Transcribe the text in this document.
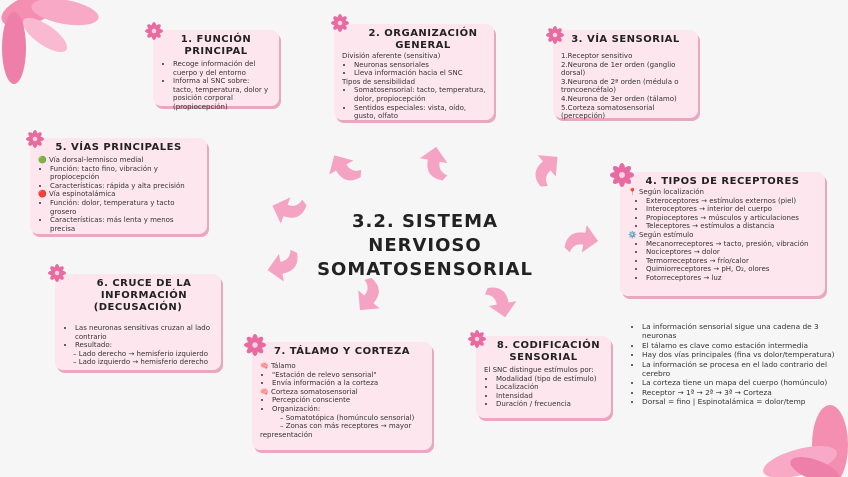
3.2. SISTEMA NERVIOSO
SOMATOSENSORIAL
1. FUNCIÓN PRINCIPAL
• Recoge información del cuerpo y del entorno
• Informa al SNC sobre: tacto, temperatura, dolor y posición corporal (propiocepción)
2. ORGANIZACIÓN GENERAL

División aferente (sensitiva)

• Neuronas sensoriales
• Lleva información hacia el SNC

Tipos de sensibilidad

• Somatosensorial: tacto, temperatura, dolor, propiocepción
• Sentidos especiales: vista, oído, gusto, olfato
3. VÍA SENSORIAL

1.Receptor sensitivo

2.Neurona de 1er orden (ganglio dorsal)

3.Neurona de 2ª orden (médula o troncoencéfalo)

4.Neurona de 3er orden (tálamo)

5.Corteza somatosensorial (percepción)

4. TIPOS DE RECEPTORES

📍 Según localización

• Exteroceptores → estímulos externos (piel)
• Interoceptores → interior del cuerpo
• Propioceptores → músculos y articulaciones
• Teleceptores → estímulos a distancia

⚙️ Según estímulo

• Mecanorreceptores → tacto, presión, vibración
• Nociceptores → dolor
• Termorreceptores → frío/calor
• Quimiorreceptores → pH, O₂, olores
• Fotorreceptores → luz
5. VÍAS PRINCIPALES

🟢 Vía dorsal-lemnisco medial

• Función: tacto fino, vibración y propiocepción
• Características: rápida y alta precisión

🔴 Vía espinotalámica

• Función: dolor, temperatura y tacto grosero
• Características: más lenta y menos precisa
6. CRUCE DE LA INFORMACIÓN
(DECUSACIÓN)
• Las neuronas sensitivas cruzan al lado contrario
• Resultado:

– Lado derecho → hemisferio izquierdo

– Lado izquierdo → hemisferio derecho

7. TÁLAMO Y CORTEZA

🧠 Tálamo

• "Estación de relevo sensorial"
• Envía información a la corteza

🧠 Corteza somatosensorial

• Percepción consciente
• Organización:

– Somatotópica (homúnculo sensorial)

– Zonas con más receptores → mayor

representación

8. CODIFICACIÓN
SENSORIAL

El SNC distingue estímulos por:

• Modalidad (tipo de estímulo)
• Localización
• Intensidad
• Duración / frecuencia
• La información sensorial sigue una cadena de 3 neuronas
• El tálamo es clave como estación intermedia
• Hay dos vías principales (fina vs dolor/temperatura)
• La información se procesa en el lado contrario del cerebro
• La corteza tiene un mapa del cuerpo (homúnculo)
• Receptor → 1ª → 2ª → 3ª → Corteza
• Dorsal = fino | Espinotalámica = dolor/temp
